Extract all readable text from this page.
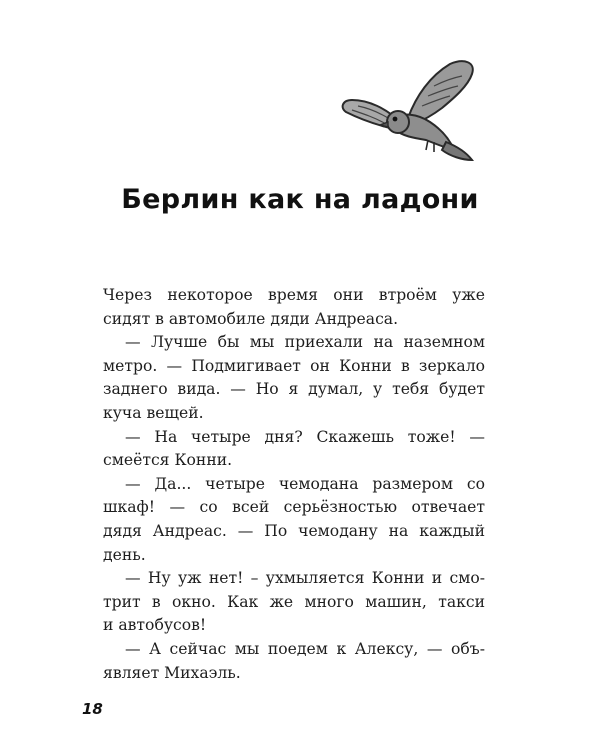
Берлин как на ладони
Через некоторое время они втроём уже
сидят в автомобиле дяди Андреаса.
— Лучше бы мы приехали на наземном
метро. — Подмигивает он Конни в зеркало
заднего вида. — Но я думал, у тебя будет
куча вещей.
— На четыре дня? Скажешь тоже! —
смеётся Конни.
— Да... четыре чемодана размером со
шкаф! — со всей серьёзностью отвечает
дядя Андреас. — По чемодану на каждый
день.
— Ну уж нет! – ухмыляется Конни и смо-
трит в окно. Как же много машин, такси
и автобусов!
— А сейчас мы поедем к Алексу, — объ-
являет Михаэль.
18
